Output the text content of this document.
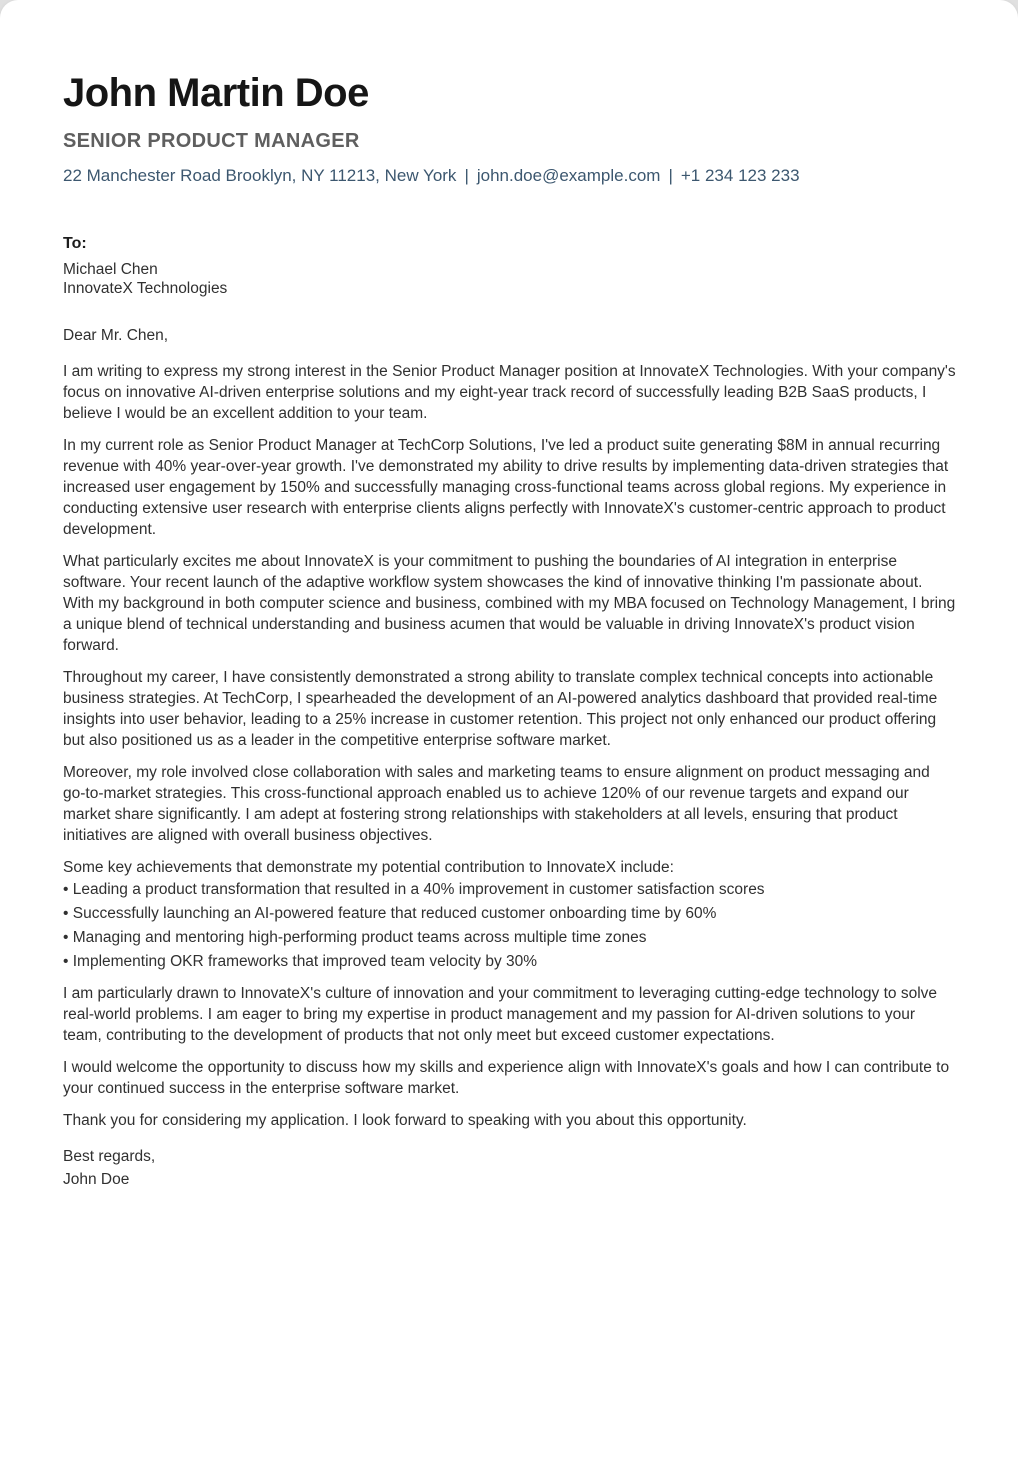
John Martin Doe
SENIOR PRODUCT MANAGER
22 Manchester Road Brooklyn, NY 11213, New York | john.doe@example.com | +1 234 123 233
To:
Michael Chen
InnovateX Technologies

Dear Mr. Chen,

I am writing to express my strong interest in the Senior Product Manager position at InnovateX Technologies. With your company's focus on innovative AI-driven enterprise solutions and my eight-year track record of successfully leading B2B SaaS products, I believe I would be an excellent addition to your team.

In my current role as Senior Product Manager at TechCorp Solutions, I've led a product suite generating $8M in annual recurring revenue with 40% year-over-year growth. I've demonstrated my ability to drive results by implementing data-driven strategies that increased user engagement by 150% and successfully managing cross-functional teams across global regions. My experience in conducting extensive user research with enterprise clients aligns perfectly with InnovateX's customer-centric approach to product development.

What particularly excites me about InnovateX is your commitment to pushing the boundaries of AI integration in enterprise software. Your recent launch of the adaptive workflow system showcases the kind of innovative thinking I'm passionate about. With my background in both computer science and business, combined with my MBA focused on Technology Management, I bring a unique blend of technical understanding and business acumen that would be valuable in driving InnovateX's product vision forward.

Throughout my career, I have consistently demonstrated a strong ability to translate complex technical concepts into actionable business strategies. At TechCorp, I spearheaded the development of an AI-powered analytics dashboard that provided real-time insights into user behavior, leading to a 25% increase in customer retention. This project not only enhanced our product offering but also positioned us as a leader in the competitive enterprise software market.

Moreover, my role involved close collaboration with sales and marketing teams to ensure alignment on product messaging and go-to-market strategies. This cross-functional approach enabled us to achieve 120% of our revenue targets and expand our market share significantly. I am adept at fostering strong relationships with stakeholders at all levels, ensuring that product initiatives are aligned with overall business objectives.

Some key achievements that demonstrate my potential contribution to InnovateX include:

• Leading a product transformation that resulted in a 40% improvement in customer satisfaction scores
• Successfully launching an AI-powered feature that reduced customer onboarding time by 60%
• Managing and mentoring high-performing product teams across multiple time zones
• Implementing OKR frameworks that improved team velocity by 30%

I am particularly drawn to InnovateX's culture of innovation and your commitment to leveraging cutting-edge technology to solve real-world problems. I am eager to bring my expertise in product management and my passion for AI-driven solutions to your team, contributing to the development of products that not only meet but exceed customer expectations.

I would welcome the opportunity to discuss how my skills and experience align with InnovateX's goals and how I can contribute to your continued success in the enterprise software market.

Thank you for considering my application. I look forward to speaking with you about this opportunity.

Best regards,
John Doe
